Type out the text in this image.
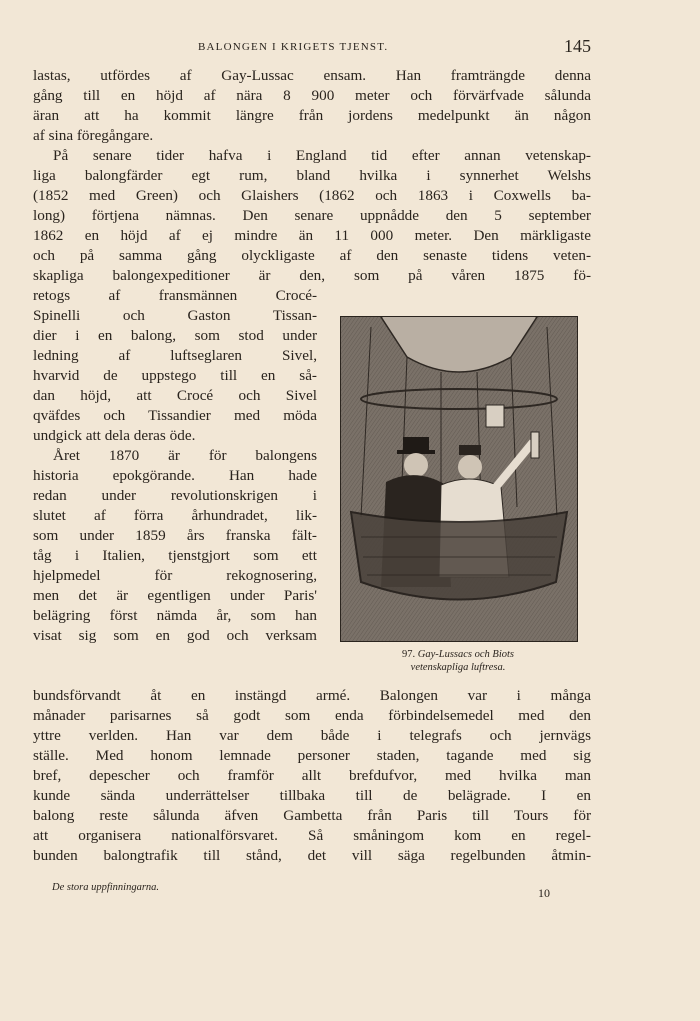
BALONGEN I KRIGETS TJENST.	145
lastas, utfördes af Gay-Lussac ensam. Han framträngde denna
gång till en höjd af nära 8 900 meter och förvärfvade sålunda
äran att ha kommit längre från jordens medelpunkt än någon
af sina föregångare.
På senare tider hafva i England tid efter annan vetenskap-
liga balongfärder egt rum, bland hvilka i synnerhet Welshs
(1852 med Green) och Glaishers (1862 och 1863 i Coxwells ba-
long) förtjena nämnas. Den senare uppnådde den 5 september
1862 en höjd af ej mindre än 11 000 meter. Den märkligaste
och på samma gång olyckligaste af den senaste tidens veten-
skapliga balongexpeditioner är den, som på våren 1875 fö-
retogs af fransmännen Crocé-
Spinelli och Gaston Tissan-
dier i en balong, som stod under
ledning af luftseglaren Sivel,
hvarvid de uppstego till en så-
dan höjd, att Crocé och Sivel
qväfdes och Tissandier med möda
undgick att dela deras öde.
Året 1870 är för balongens
historia epokgörande. Han hade
redan under revolutionskrigen i
slutet af förra århundradet, lik-
som under 1859 års franska fält-
tåg i Italien, tjenstgjort som ett
hjelpmedel för rekognosering,
men det är egentligen under Paris'
belägring först nämda år, som han
visat sig som en god och verksam
97. Gay-Lussacs och Biots
vetenskapliga luftresa.
bundsförvandt åt en instängd armé. Balongen var i många
månader parisarnes så godt som enda förbindelsemedel med den
yttre verlden. Han var dem både i telegrafs och jernvägs
ställe. Med honom lemnade personer staden, tagande med sig
bref, depescher och framför allt brefdufvor, med hvilka man
kunde sända underrättelser tillbaka till de belägrade. I en
balong reste sålunda äfven Gambetta från Paris till Tours för
att organisera nationalförsvaret. Så småningom kom en regel-
bunden balongtrafik till stånd, det vill säga regelbunden åtmin-
De stora uppfinningarna.	10
